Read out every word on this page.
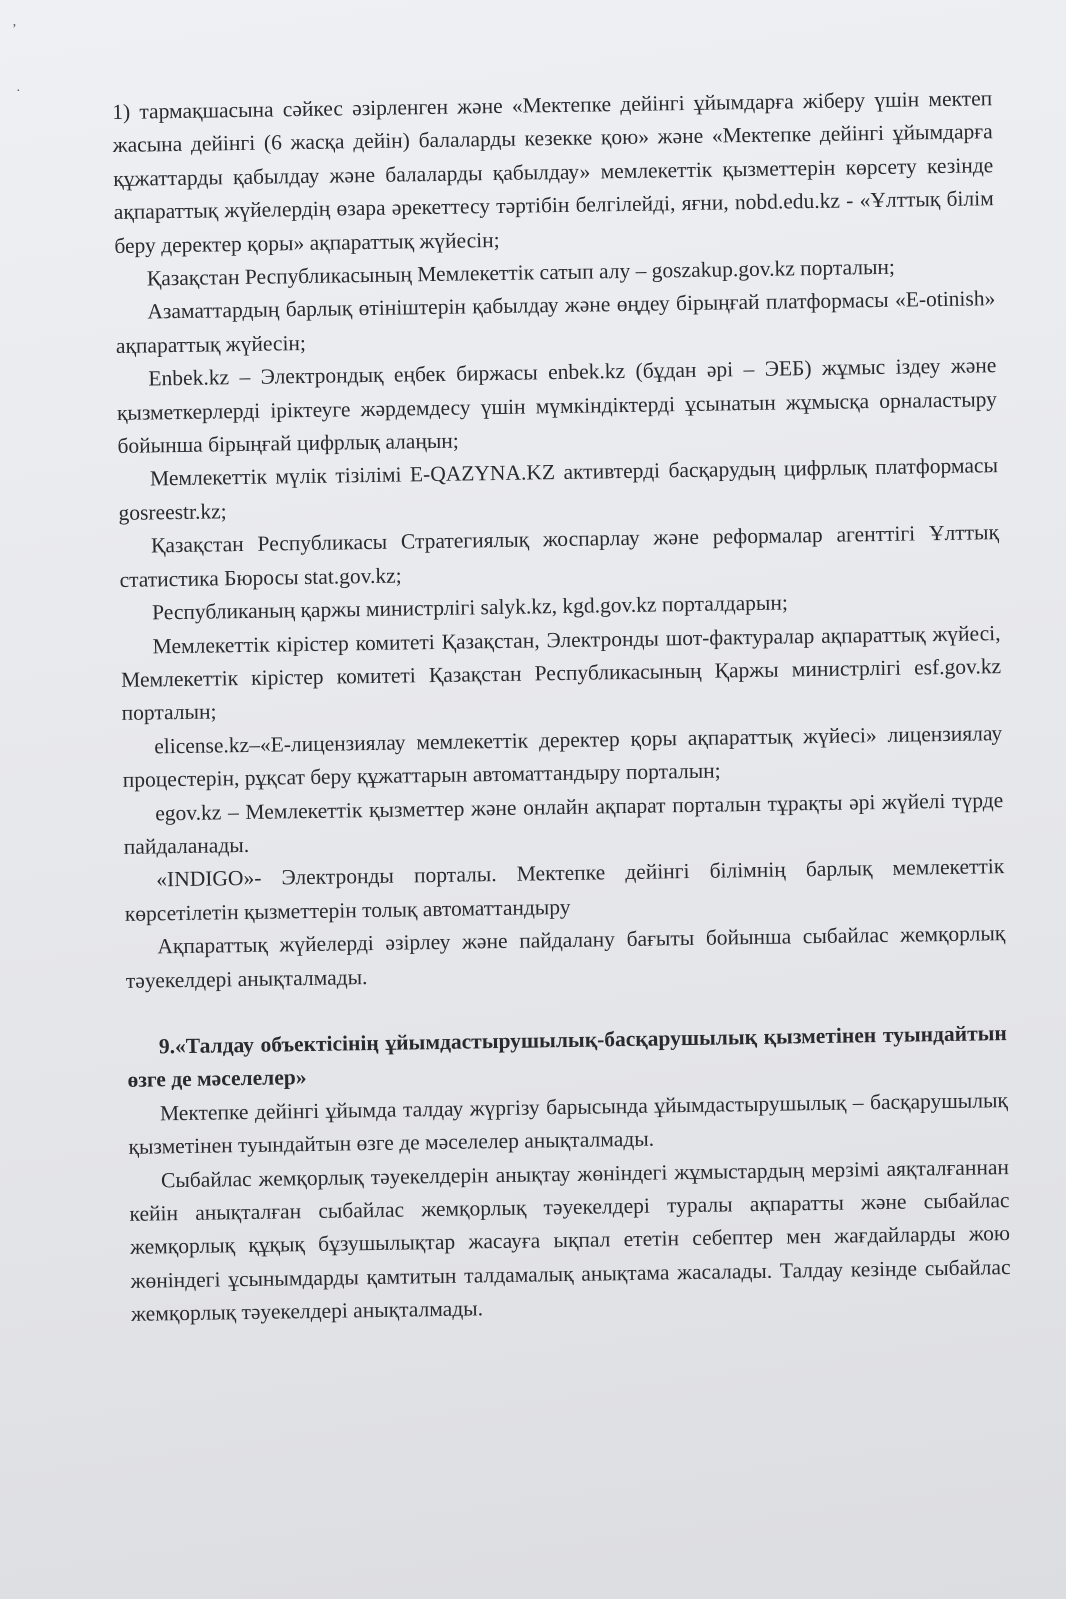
ʼ
·	1) тармақшасына сәйкес әзірленген және «Мектепке дейінгі ұйымдарға жіберу үшін мектеп жасына дейінгі (6 жасқа дейін) балаларды кезекке қою» және «Мектепке дейінгі ұйымдарға құжаттарды қабылдау және балаларды қабылдау» мемлекеттік қызметтерін көрсету кезінде ақпараттық жүйелердің өзара әрекеттесу тәртібін белгілейді, яғни, nobd.edu.kz - «Ұлттық білім беру деректер қоры» ақпараттық жүйесін;

Қазақстан Республикасының Мемлекеттік сатып алу – goszakup.gov.kz порталын;

Азаматтардың барлық өтініштерін қабылдау және өңдеу бірыңғай платформасы «E-otinish» ақпараттық жүйесін;

Enbek.kz – Электрондық еңбек биржасы enbek.kz (бұдан әрі – ЭЕБ) жұмыс іздеу және қызметкерлерді іріктеуге жәрдемдесу үшін мүмкіндіктерді ұсынатын жұмысқа орналастыру бойынша бірыңғай цифрлық алаңын;

Мемлекеттік мүлік тізілімі E-QAZYNA.KZ активтерді басқарудың цифрлық платформасы gosreestr.kz;

Қазақстан Республикасы Стратегиялық жоспарлау және реформалар агенттігі Ұлттық статистика Бюросы stat.gov.kz;

Республиканың қаржы министрлігі salyk.kz, kgd.gov.kz порталдарын;

Мемлекеттік кірістер комитеті Қазақстан, Электронды шот-фактуралар ақпараттық жүйесі, Мемлекеттік кірістер комитеті Қазақстан Республикасының Қаржы министрлігі esf.gov.kz порталын;

elicense.kz–«Е-лицензиялау мемлекеттік деректер қоры ақпараттық жүйесі» лицензиялау процестерін, рұқсат беру құжаттарын автоматтандыру порталын;

egov.kz – Мемлекеттік қызметтер және онлайн ақпарат порталын тұрақты әрі жүйелі түрде пайдаланады.

«INDIGO»- Электронды порталы. Мектепке дейінгі білімнің барлық мемлекеттік көрсетілетін қызметтерін толық автоматтандыру

Ақпараттық жүйелерді әзірлеу және пайдалану бағыты бойынша сыбайлас жемқорлық тәуекелдері анықталмады.

9.«Талдау объектісінің ұйымдастырушылық-басқарушылық қызметінен туындайтын өзге де мәселелер»

Мектепке дейінгі ұйымда талдау жүргізу барысында ұйымдастырушылық – басқарушылық қызметінен туындайтын өзге де мәселелер анықталмады.

Сыбайлас жемқорлық тәуекелдерін анықтау жөніндегі жұмыстардың мерзімі аяқталғаннан кейін анықталған сыбайлас жемқорлық тәуекелдері туралы ақпаратты және сыбайлас жемқорлық құқық бұзушылықтар жасауға ықпал ететін себептер мен жағдайларды жою жөніндегі ұсынымдарды қамтитын талдамалық анықтама жасалады. Талдау кезінде сыбайлас жемқорлық тәуекелдері анықталмады.
